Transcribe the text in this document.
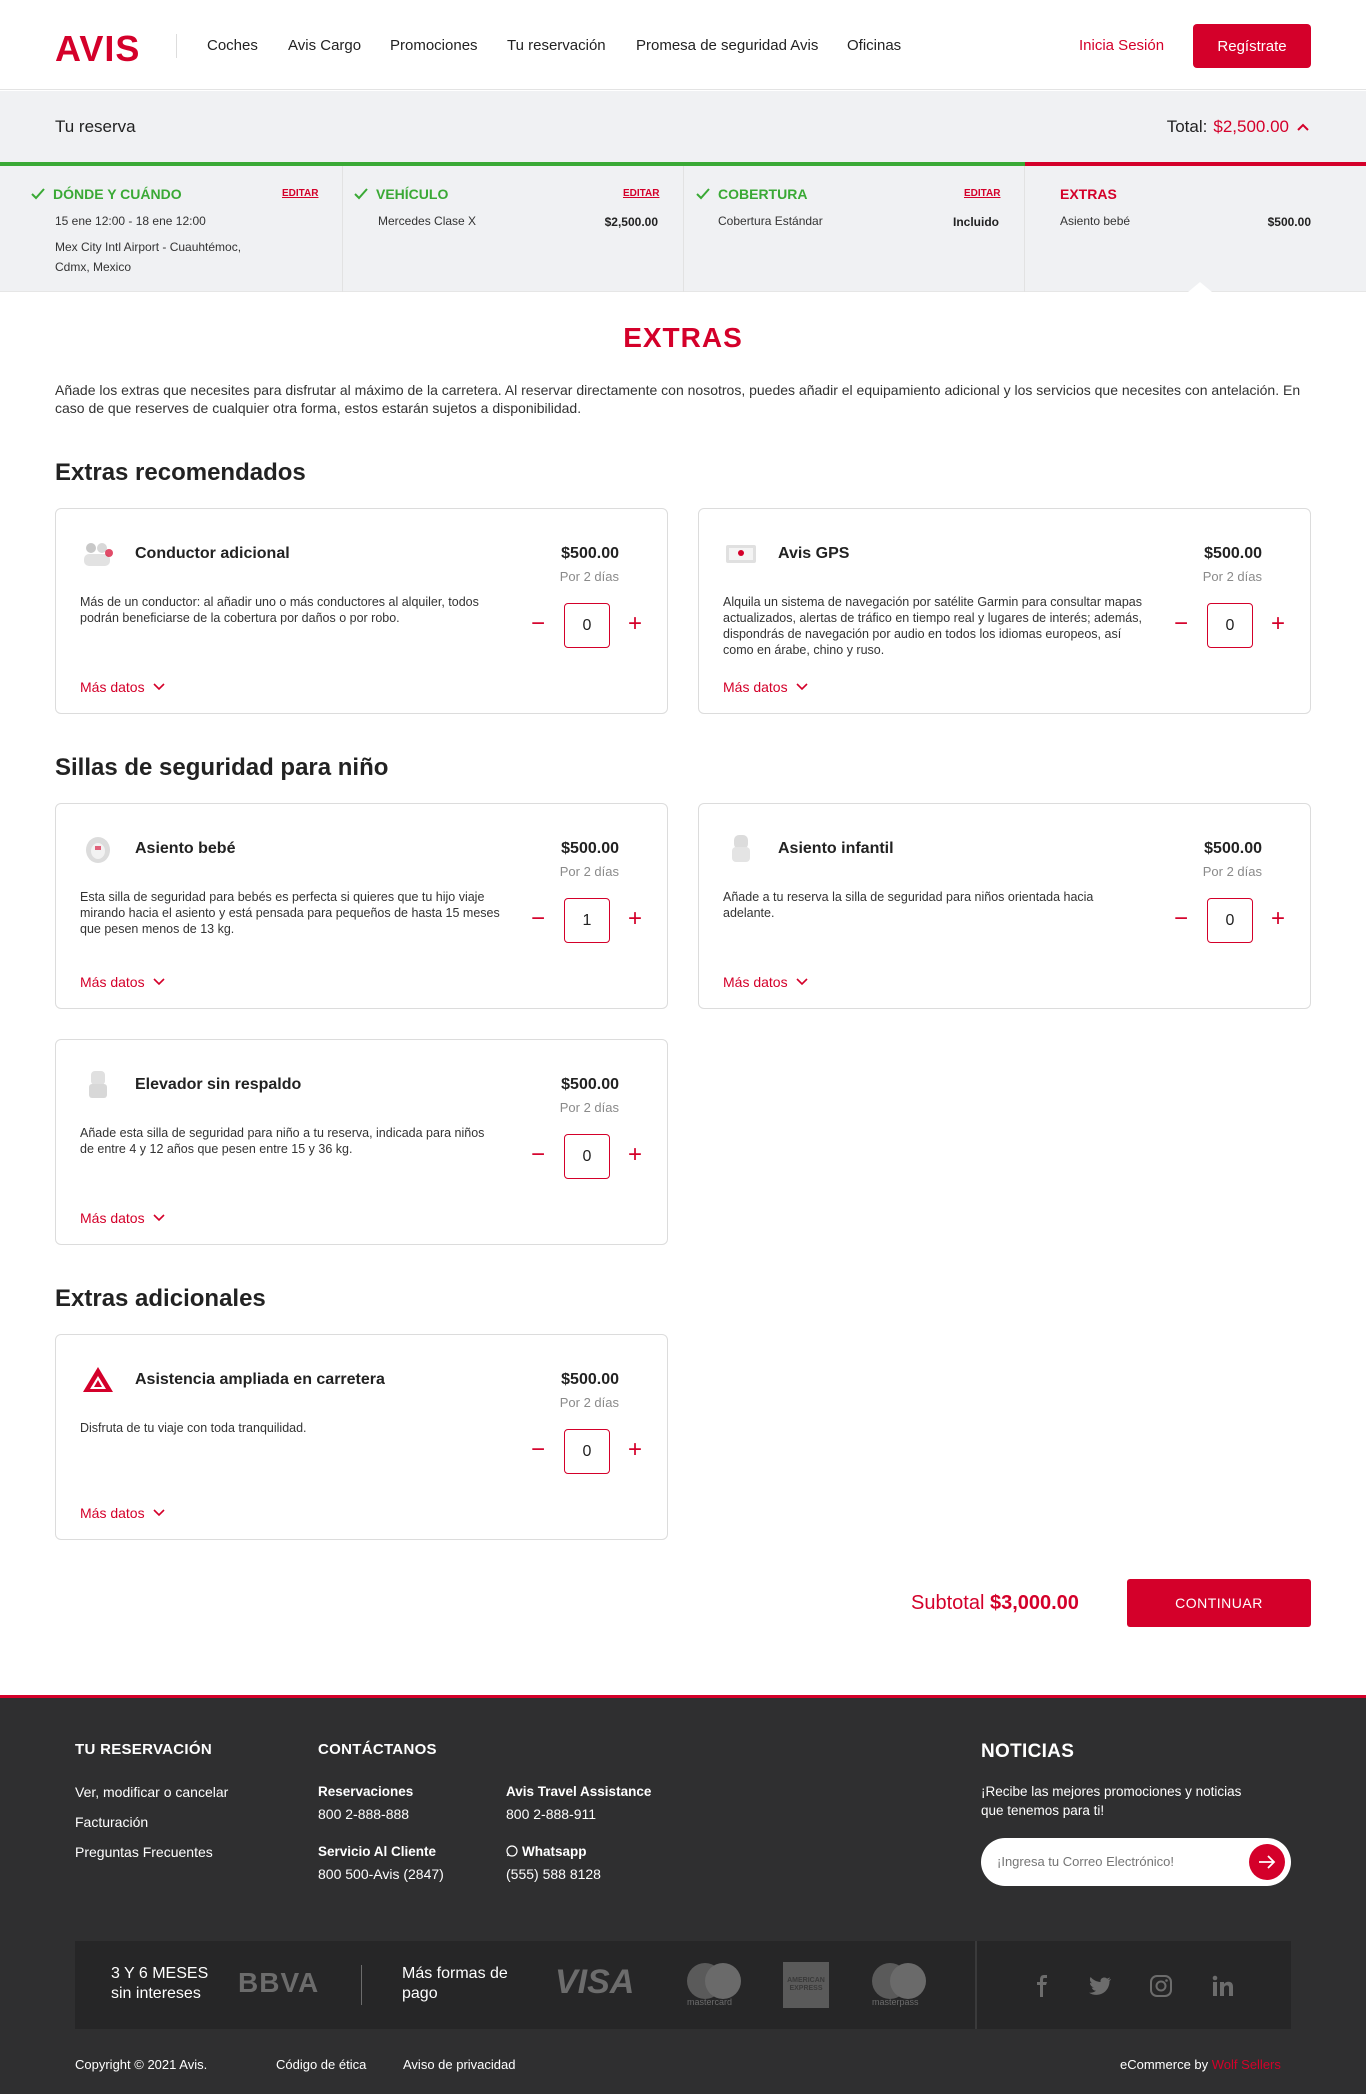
AVIS	Coches Avis Cargo Promociones Tu reservación Promesa de seguridad Avis Oficinas	Inicia Sesión	Regístrate
Tu reserva	Total: $2,500.00
DÓNDE Y CUÁNDO	EDITAR
15 ene 12:00 - 18 ene 12:00
Mex City Intl Airport - Cuauhtémoc,
Cdmx, Mexico
VEHÍCULO	EDITAR
Mercedes Clase X	$2,500.00
COBERTURA	EDITAR
Cobertura Estándar	Incluido
EXTRAS
Asiento bebé	$500.00
EXTRAS

Añade los extras que necesites para disfrutar al máximo de la carretera. Al reservar directamente con nosotros, puedes añadir el equipamiento adicional y los servicios que necesites con antelación. En caso de que reserves de cualquier otra forma, estos estarán sujetos a disponibilidad.

Extras recomendados
Conductor adicional	$500.00
Por 2 días

Más de un conductor: al añadir uno o más conductores al alquiler, todos podrán beneficiarse de la cobertura por daños o por robo.	−	0	+
Más datos
Avis GPS	$500.00
Por 2 días

Alquila un sistema de navegación por satélite Garmin para consultar mapas actualizados, alertas de tráfico en tiempo real y lugares de interés; además, dispondrás de navegación por audio en todos los idiomas europeos, así como en árabe, chino y ruso.

−	0	+
Más datos
Sillas de seguridad para niño
Asiento bebé	$500.00
Por 2 días

Esta silla de seguridad para bebés es perfecta si quieres que tu hijo viaje mirando hacia el asiento y está pensada para pequeños de hasta 15 meses que pesen menos de 13 kg.	−	1	+
Más datos
Asiento infantil	$500.00
Por 2 días

Añade a tu reserva la silla de seguridad para niños orientada hacia adelante.	−	0	+
Más datos
Elevador sin respaldo	$500.00
Por 2 días

Añade esta silla de seguridad para niño a tu reserva, indicada para niños de entre 4 y 12 años que pesen entre 15 y 36 kg.	−	0	+
Más datos
Extras adicionales
Asistencia ampliada en carretera	$500.00
Por 2 días

Disfruta de tu viaje con toda tranquilidad.

−	0	+
Más datos
Subtotal $3,000.00	CONTINUAR
TU RESERVACIÓN
Ver, modificar o cancelar
Facturación
Preguntas Frecuentes
CONTÁCTANOS
Reservaciones
800 2-888-888
Avis Travel Assistance
800 2-888-911
Servicio Al Cliente
800 500-Avis (2847)
Whatsapp
(555) 588 8128
NOTICIAS
¡Recibe las mejores promociones y noticias
que tenemos para ti!
¡Ingresa tu Correo Electrónico!
3 Y 6 MESES
sin intereses BBVA	Más formas de
pago	VISA
mastercard
AMERICAN EXPRESS
masterpass
Copyright © 2021 Avis.	Código de ética	Aviso de privacidad	eCommerce by Wolf Sellers
